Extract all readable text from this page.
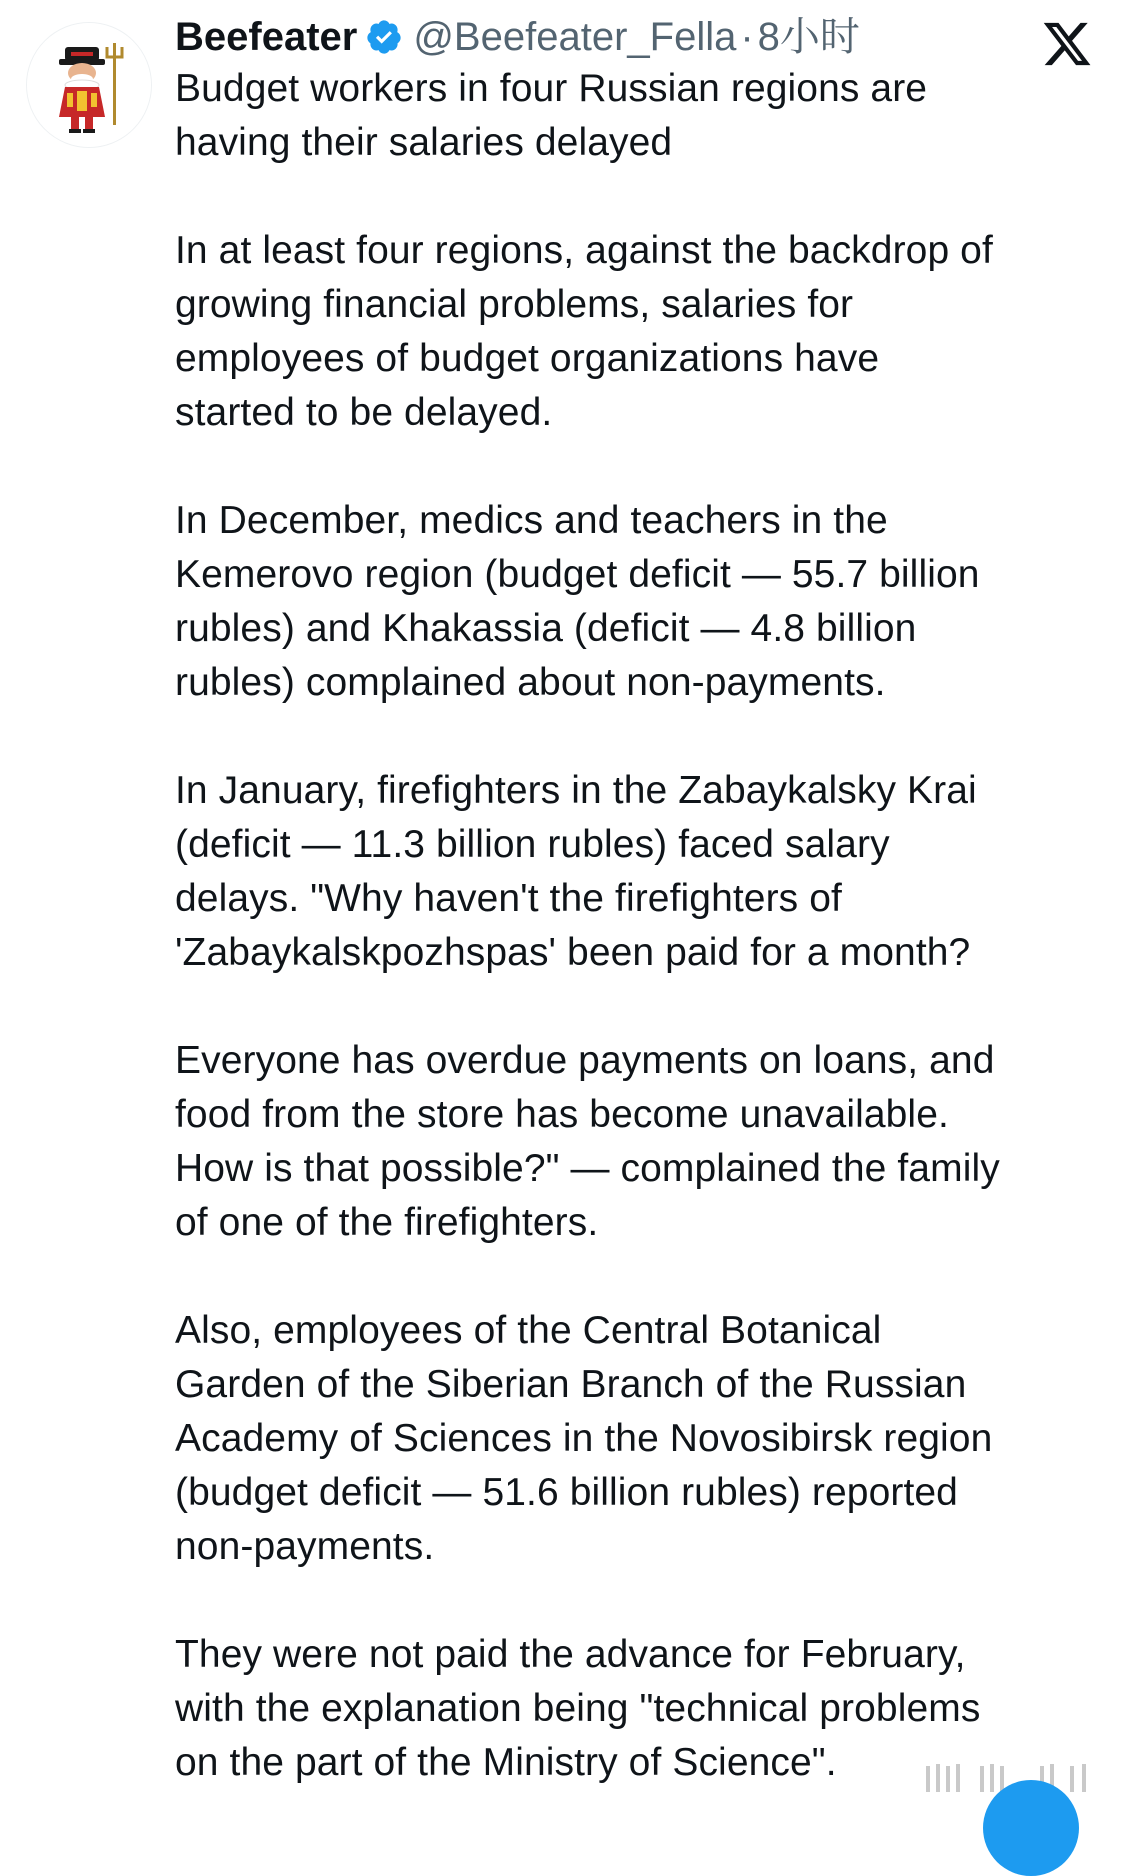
Beefeater @Beefeater_Fella · 8小时

Budget workers in four Russian regions are
having their salaries delayed

In at least four regions, against the backdrop of
growing financial problems, salaries for
employees of budget organizations have
started to be delayed.

In December, medics and teachers in the
Kemerovo region (budget deficit — 55.7 billion
rubles) and Khakassia (deficit — 4.8 billion
rubles) complained about non-payments.

In January, firefighters in the Zabaykalsky Krai
(deficit — 11.3 billion rubles) faced salary
delays. "Why haven't the firefighters of
'Zabaykalskpozhspas' been paid for a month?

Everyone has overdue payments on loans, and
food from the store has become unavailable.
How is that possible?" — complained the family
of one of the firefighters.

Also, employees of the Central Botanical
Garden of the Siberian Branch of the Russian
Academy of Sciences in the Novosibirsk region
(budget deficit — 51.6 billion rubles) reported
non-payments.

They were not paid the advance for February,
with the explanation being "technical problems
on the part of the Ministry of Science".
